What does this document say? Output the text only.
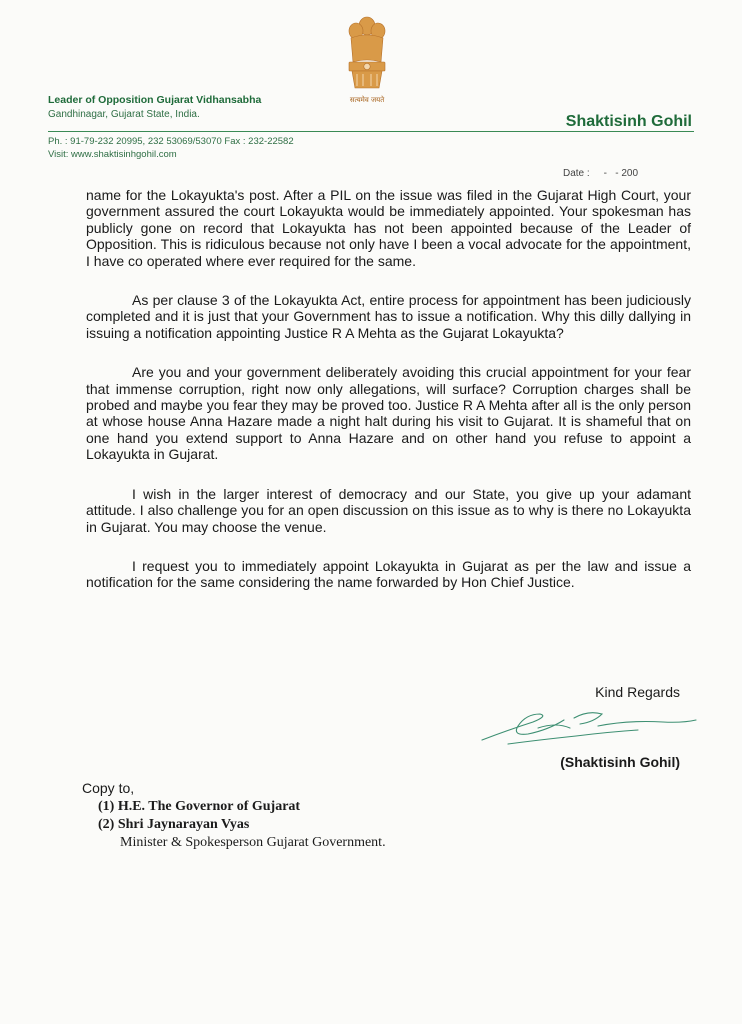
सत्यमेव जयते
Leader of Opposition Gujarat Vidhansabha
Gandhinagar, Gujarat State, India.	Shaktisinh Gohil
Ph. : 91-79-232 20995, 232 53069/53070 Fax : 232-22582
Visit: www.shaktisinhgohil.com
Date :     -   - 200

name for the Lokayukta's post. After a PIL on the issue was filed in the Gujarat High Court, your government assured the court Lokayukta would be immediately appointed. Your spokesman has publicly gone on record that Lokayukta has not been appointed because of the Leader of Opposition. This is ridiculous because not only have I been a vocal advocate for the appointment, I have co operated where ever required for the same.

As per clause 3 of the Lokayukta Act, entire process for appointment has been judiciously completed and it is just that your Government has to issue a notification. Why this dilly dallying in issuing a notification appointing Justice R A Mehta as the Gujarat Lokayukta?

Are you and your government deliberately avoiding this crucial appointment for your fear that immense corruption, right now only allegations, will surface? Corruption charges shall be probed and maybe you fear they may be proved too. Justice R A Mehta after all is the only person at whose house Anna Hazare made a night halt during his visit to Gujarat. It is shameful that on one hand you extend support to Anna Hazare and on other hand you refuse to appoint a Lokayukta in Gujarat.

I wish in the larger interest of democracy and our State, you give up your adamant attitude. I also challenge you for an open discussion on this issue as to why is there no Lokayukta in Gujarat. You may choose the venue.

I request you to immediately appoint Lokayukta in Gujarat as per the law and issue a notification for the same considering the name forwarded by Hon Chief Justice.

Kind Regards
(Shaktisinh Gohil)
Copy to,
(1) H.E. The Governor of Gujarat
(2) Shri Jaynarayan Vyas
Minister & Spokesperson Gujarat Government.
